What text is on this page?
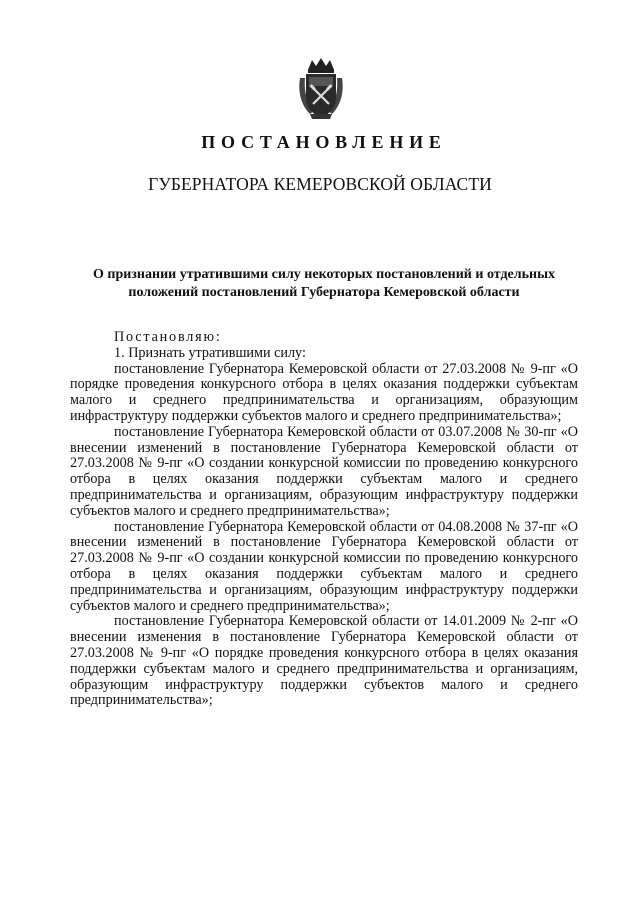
ПОСТАНОВЛЕНИЕ
ГУБЕРНАТОРА КЕМЕРОВСКОЙ ОБЛАСТИ
О признании утратившими силу некоторых постановлений и отдельных
положений постановлений Губернатора Кемеровской области

Постановляю:

1. Признать утратившими силу:

постановление Губернатора Кемеровской области от 27.03.2008 № 9-пг «О порядке проведения конкурсного отбора в целях оказания поддержки субъектам малого и среднего предпринимательства и организациям, образующим инфраструктуру поддержки субъектов малого и среднего предпринимательства»;

постановление Губернатора Кемеровской области от 03.07.2008 № 30-пг «О внесении изменений в постановление Губернатора Кемеровской области от 27.03.2008 № 9-пг «О создании конкурсной комиссии по проведению конкурсного отбора в целях оказания поддержки субъектам малого и среднего предпринимательства и организациям, образующим инфраструктуру поддержки субъектов малого и среднего предпринимательства»;

постановление Губернатора Кемеровской области от 04.08.2008 № 37-пг «О внесении изменений в постановление Губернатора Кемеровской области от 27.03.2008 № 9-пг «О создании конкурсной комиссии по проведению конкурсного отбора в целях оказания поддержки субъектам малого и среднего предпринимательства и организациям, образующим инфраструктуру поддержки субъектов малого и среднего предпринимательства»;

постановление Губернатора Кемеровской области от 14.01.2009 № 2-пг «О внесении изменения в постановление Губернатора Кемеровской области от 27.03.2008 № 9-пг «О порядке проведения конкурсного отбора в целях оказания поддержки субъектам малого и среднего предпринимательства и организациям, образующим инфраструктуру поддержки субъектов малого и среднего предпринимательства»;
